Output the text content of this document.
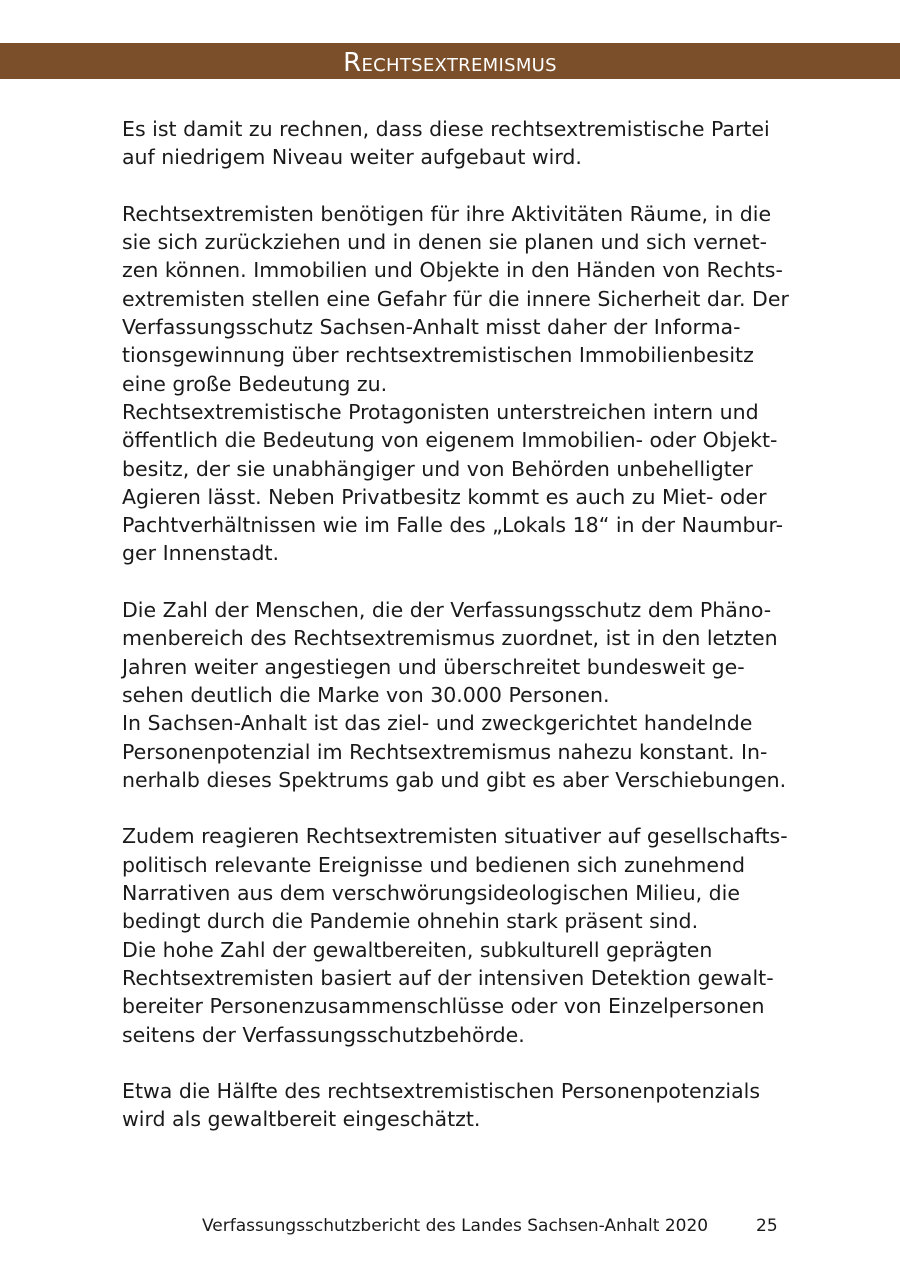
Rechtsextremismus

Es ist damit zu rechnen, dass diese rechtsextremistische Partei
auf niedrigem Niveau weiter aufgebaut wird.

Rechtsextremisten benötigen für ihre Aktivitäten Räume, in die
sie sich zurückziehen und in denen sie planen und sich vernet-
zen können. Immobilien und Objekte in den Händen von Rechts-
extremisten stellen eine Gefahr für die innere Sicherheit dar. Der
Verfassungsschutz Sachsen-Anhalt misst daher der Informa-
tionsgewinnung über rechtsextremistischen Immobilienbesitz
eine große Bedeutung zu.
Rechtsextremistische Protagonisten unterstreichen intern und
öffentlich die Bedeutung von eigenem Immobilien- oder Objekt-
besitz, der sie unabhängiger und von Behörden unbehelligter
Agieren lässt. Neben Privatbesitz kommt es auch zu Miet- oder
Pachtverhältnissen wie im Falle des „Lokals 18“ in der Naumbur-
ger Innenstadt.

Die Zahl der Menschen, die der Verfassungsschutz dem Phäno-
menbereich des Rechtsextremismus zuordnet, ist in den letzten
Jahren weiter angestiegen und überschreitet bundesweit ge-
sehen deutlich die Marke von 30.000 Personen.
In Sachsen-Anhalt ist das ziel- und zweckgerichtet handelnde
Personenpotenzial im Rechtsextremismus nahezu konstant. In-
nerhalb dieses Spektrums gab und gibt es aber Verschiebungen.

Zudem reagieren Rechtsextremisten situativer auf gesellschafts-
politisch relevante Ereignisse und bedienen sich zunehmend
Narrativen aus dem verschwörungsideologischen Milieu, die
bedingt durch die Pandemie ohnehin stark präsent sind.
Die hohe Zahl der gewaltbereiten, subkulturell geprägten
Rechtsextremisten basiert auf der intensiven Detektion gewalt-
bereiter Personenzusammenschlüsse oder von Einzelpersonen
seitens der Verfassungsschutzbehörde.

Etwa die Hälfte des rechtsextremistischen Personenpotenzials
wird als gewaltbereit eingeschätzt.

Verfassungsschutzbericht des Landes Sachsen-Anhalt 2020	25
